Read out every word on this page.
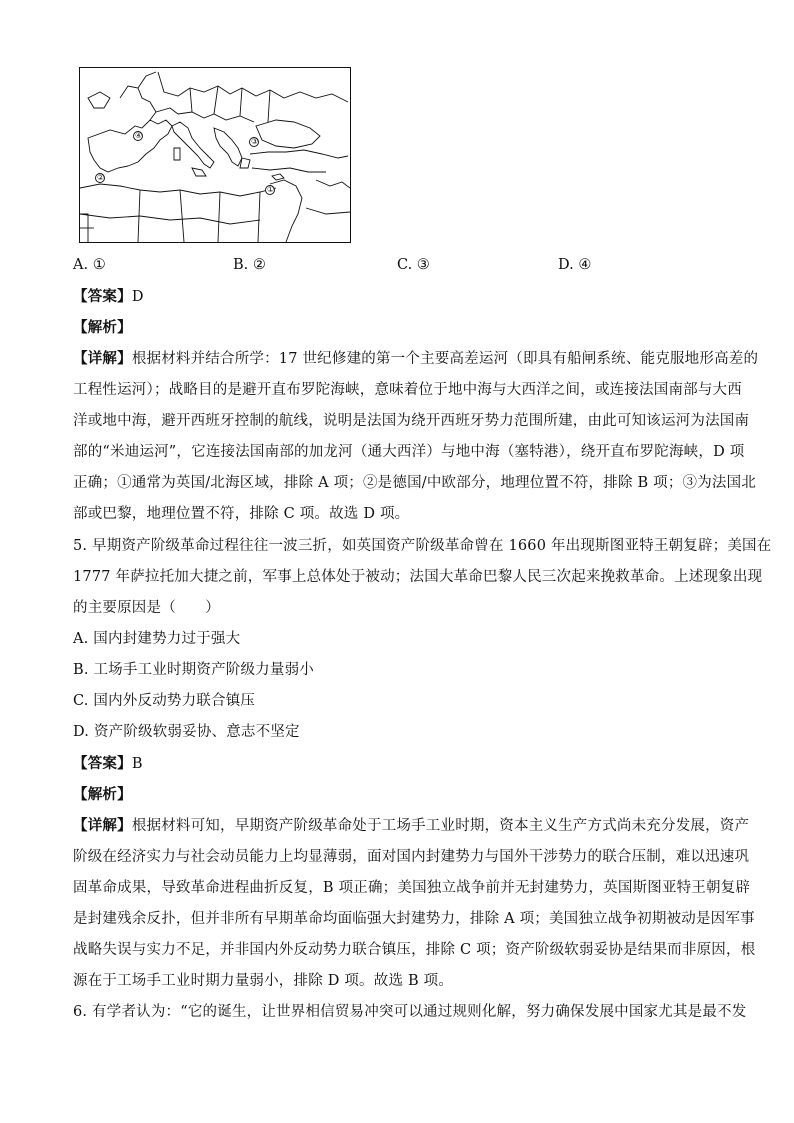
④
②
③
①
A. ①	B. ②	C. ③	D. ④
【答案】D
【解析】
【详解】根据材料并结合所学：17 世纪修建的第一个主要高差运河（即具有船闸系统、能克服地形高差的
工程性运河）；战略目的是避开直布罗陀海峡，意味着位于地中海与大西洋之间，或连接法国南部与大西
洋或地中海，避开西班牙控制的航线，说明是法国为绕开西班牙势力范围所建，由此可知该运河为法国南
部的“米迪运河”，它连接法国南部的加龙河（通大西洋）与地中海（塞特港），绕开直布罗陀海峡，D 项
正确；①通常为英国/北海区域，排除 A 项；②是德国/中欧部分，地理位置不符，排除 B 项；③为法国北
部或巴黎，地理位置不符，排除 C 项。故选 D 项。
5. 早期资产阶级革命过程往往一波三折，如英国资产阶级革命曾在 1660 年出现斯图亚特王朝复辟；美国在
1777 年萨拉托加大捷之前，军事上总体处于被动；法国大革命巴黎人民三次起来挽救革命。上述现象出现
的主要原因是（　　）
A. 国内封建势力过于强大
B. 工场手工业时期资产阶级力量弱小
C. 国内外反动势力联合镇压
D. 资产阶级软弱妥协、意志不坚定
【答案】B
【解析】
【详解】根据材料可知，早期资产阶级革命处于工场手工业时期，资本主义生产方式尚未充分发展，资产
阶级在经济实力与社会动员能力上均显薄弱，面对国内封建势力与国外干涉势力的联合压制，难以迅速巩
固革命成果，导致革命进程曲折反复，B 项正确；美国独立战争前并无封建势力，英国斯图亚特王朝复辟
是封建残余反扑，但并非所有早期革命均面临强大封建势力，排除 A 项；美国独立战争初期被动是因军事
战略失误与实力不足，并非国内外反动势力联合镇压，排除 C 项；资产阶级软弱妥协是结果而非原因，根
源在于工场手工业时期力量弱小，排除 D 项。故选 B 项。
6. 有学者认为：“它的诞生，让世界相信贸易冲突可以通过规则化解，努力确保发展中国家尤其是最不发
